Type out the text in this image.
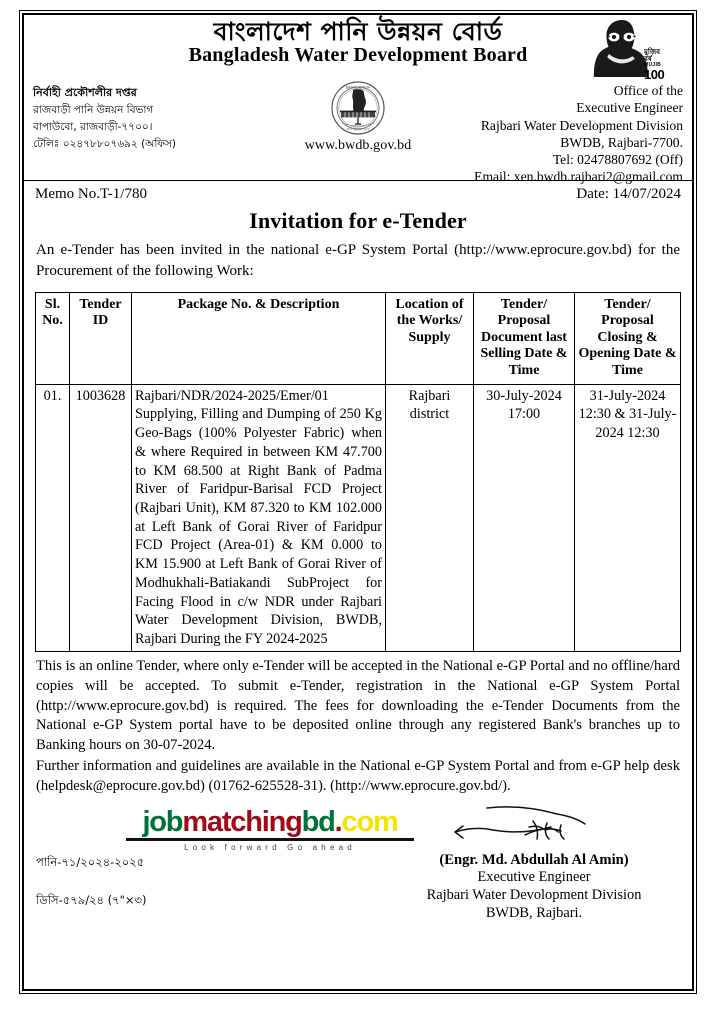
বাংলাদেশ পানি উন্নয়ন বোর্ড
Bangladesh Water Development Board	মুজিব
বর্ষ
MUJIB
100
নির্বাহী প্রকৌশলীর দপ্তর
রাজবাড়ী পানি উন্নয়ন বিভাগ
বাপাউবো, রাজবাড়ী-৭৭০০।
টেলিঃ ০২৪৭৮৮০৭৬৯২ (অফিস)
BANGLADESH
পানি উন্নয়ন বোর্ড
www.bwdb.gov.bd
Office of the
Executive Engineer
Rajbari Water Development Division
BWDB, Rajbari-7700.
Tel: 02478807692 (Off)
Email: xen.bwdb.rajbari2@gmail.com
Memo No.T-1/780	Date: 14/07/2024
Invitation for e-Tender
An e-Tender has been invited in the national e-GP System Portal (http://www.eprocure.gov.bd) for the Procurement of the following Work:
Sl. No.	Tender ID	Package No. & Description	Location of the Works/ Supply	Tender/ Proposal Document last Selling Date & Time	Tender/ Proposal Closing & Opening Date & Time
01.	1003628	Rajbari/NDR/2024-2025/Emer/01
Supplying, Filling and Dumping of 250 Kg Geo-Bags (100% Polyester Fabric) when & where Required in between KM 47.700 to KM 68.500 at Right Bank of Padma River of Faridpur-Barisal FCD Project (Rajbari Unit), KM 87.320 to KM 102.000 at Left Bank of Gorai River of Faridpur FCD Project (Area-01) & KM 0.000 to KM 15.900 at Left Bank of Gorai River of Modhukhali-Batiakandi SubProject for Facing Flood in c/w NDR under Rajbari Water Development Division, BWDB, Rajbari During the FY 2024-2025	Rajbari district	30-July-2024 17:00	31-July-2024 12:30 & 31-July-2024 12:30

This is an online Tender, where only e-Tender will be accepted in the National e-GP Portal and no offline/hard copies will be accepted. To submit e-Tender, registration in the National e-GP System Portal (http://www.eprocure.gov.bd) is required. The fees for downloading the e-Tender Documents from the National e-GP System portal have to be deposited online through any registered Bank's branches up to Banking hours on 30-07-2024.

Further information and guidelines are available in the National e-GP System Portal and from e-GP help desk (helpdesk@eprocure.gov.bd) (01762-625528-31). (http://www.eprocure.gov.bd/).

jobmatchingbd.com
Look forward Go ahead
(Engr. Md. Abdullah Al Amin)
Executive Engineer
Rajbari Water Devolopment Division
BWDB, Rajbari.
পানি-৭১/২০২৪-২০২৫
ডিসি-৫৭৯/২৪ (৭"×৩)
